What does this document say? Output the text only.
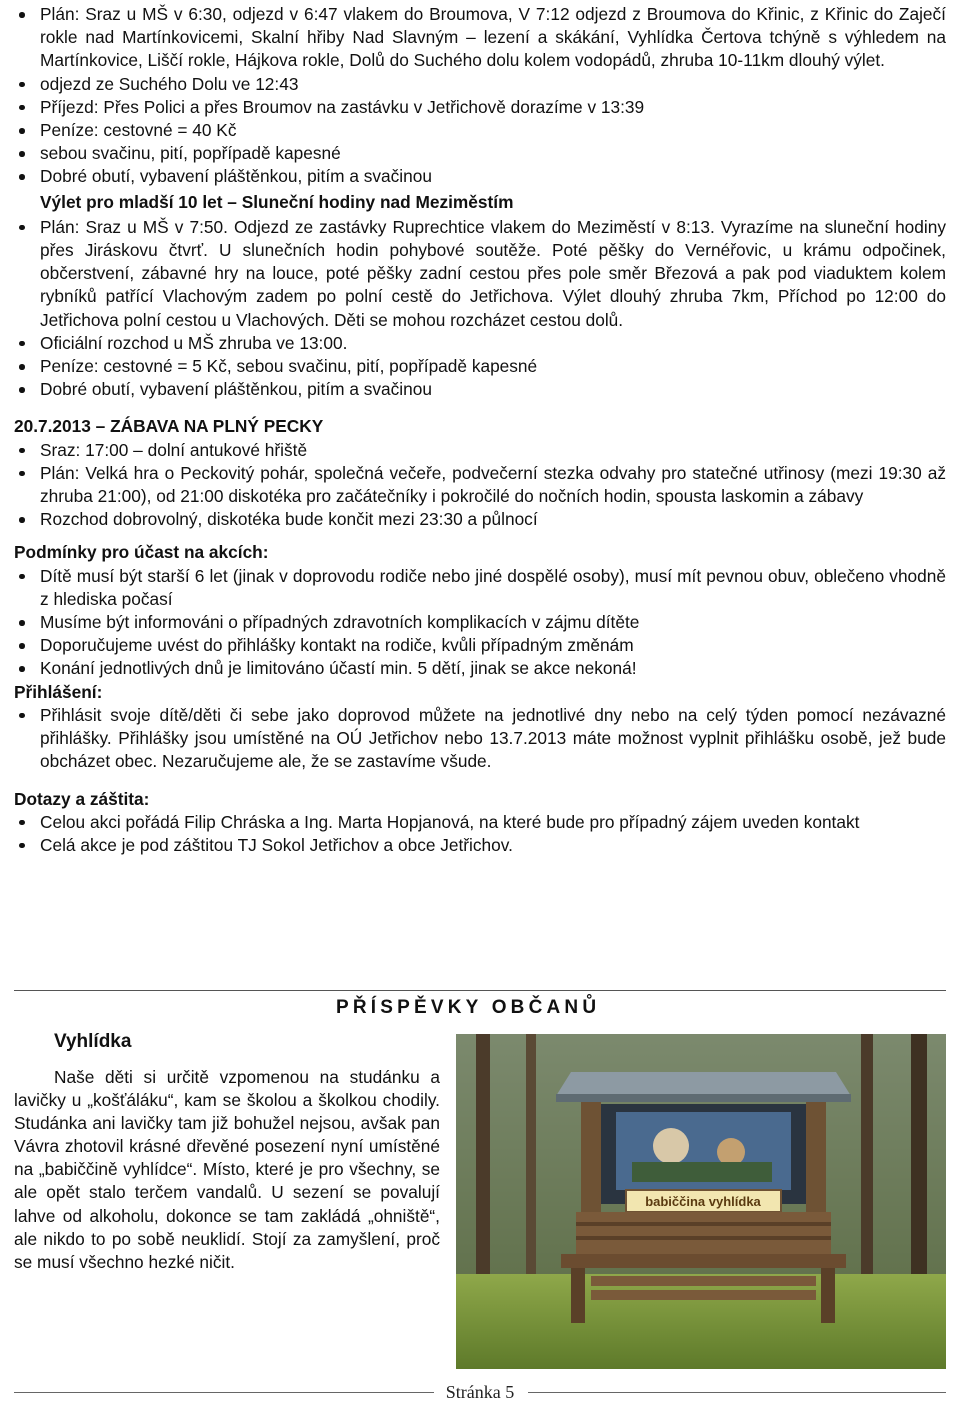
Plán: Sraz u MŠ v 6:30, odjezd v 6:47 vlakem do Broumova, V 7:12 odjezd z Broumova do Křinic, z Křinic do Zaječí rokle nad Martínkovicemi, Skalní hřiby Nad Slavným – lezení a skákání, Vyhlídka Čertova tchýně s výhledem na Martínkovice, Liščí rokle, Hájkova rokle, Dolů do Suchého dolu kolem vodopádů, zhruba 10-11km dlouhý výlet.
odjezd ze Suchého Dolu ve 12:43
Příjezd: Přes Polici a přes Broumov na zastávku v Jetřichově dorazíme v 13:39
Peníze: cestovné = 40 Kč
sebou svačinu, pití, popřípadě kapesné
Dobré obutí, vybavení pláštěnkou, pitím a svačinou
Výlet pro mladší 10 let – Sluneční hodiny nad Meziměstím
Plán: Sraz u MŠ v 7:50. Odjezd ze zastávky Ruprechtice vlakem do Meziměstí v 8:13. Vyrazíme na sluneční hodiny přes Jiráskovu čtvrť. U slunečních hodin pohybové soutěže. Poté pěšky do Vernéřovic, u krámu odpočinek, občerstvení, zábavné hry na louce, poté pěšky zadní cestou přes pole směr Březová a pak pod viaduktem kolem rybníků patřící Vlachovým zadem po polní cestě do Jetřichova. Výlet dlouhý zhruba 7km, Příchod po 12:00 do Jetřichova polní cestou u Vlachových. Děti se mohou rozcházet cestou dolů.
Oficiální rozchod u MŠ zhruba ve 13:00.
Peníze: cestovné = 5 Kč, sebou svačinu, pití, popřípadě kapesné
Dobré obutí, vybavení pláštěnkou, pitím a svačinou
20.7.2013 – ZÁBAVA NA PLNÝ PECKY
Sraz: 17:00 – dolní antukové hřiště
Plán: Velká hra o Peckovitý pohár, společná večeře, podvečerní stezka odvahy pro statečné utřinosy (mezi 19:30 až zhruba 21:00), od 21:00 diskotéka pro začátečníky i pokročilé do nočních hodin, spousta laskomin a zábavy
Rozchod dobrovolný, diskotéka bude končit mezi 23:30 a půlnocí
Podmínky pro účast na akcích:
Dítě musí být starší 6 let (jinak v doprovodu rodiče nebo jiné dospělé osoby), musí mít pevnou obuv, oblečeno vhodně z hlediska počasí
Musíme být informováni o případných zdravotních komplikacích v zájmu dítěte
Doporučujeme uvést do přihlášky kontakt na rodiče, kvůli případným změnám
Konání jednotlivých dnů je limitováno účastí min. 5 dětí, jinak se akce nekoná!
Přihlášení:
Přihlásit svoje dítě/děti či sebe jako doprovod můžete na jednotlivé dny nebo na celý týden pomocí nezávazné přihlášky. Přihlášky jsou umístěné na OÚ Jetřichov nebo 13.7.2013 máte možnost vyplnit přihlášku osobě, jež bude obcházet obec. Nezaručujeme ale, že se zastavíme všude.
Dotazy a záštita:
Celou akci pořádá Filip Chráska a Ing. Marta Hopjanová, na které bude pro případný zájem uveden kontakt
Celá akce je pod záštitou TJ Sokol Jetřichov a obce Jetřichov.
PŘÍSPĚVKY OBČANŮ
Vyhlídka
Naše děti si určitě vzpomenou na studánku a lavičky u „košťáláku“, kam se školou a školkou chodily. Studánka ani lavičky tam již bohužel nejsou, avšak pan Vávra zhotovil krásné dřevěné posezení nyní umístěné na „babiččině vyhlídce“. Místo, které je pro všechny, se ale opět stalo terčem vandalů. U sezení se povalují lahve od alkoholu, dokonce se tam zakládá „ohniště“, ale nikdo to po sobě neuklidí. Stojí za zamyšlení, proč se musí všechno hezké ničit.
babiččina vyhlídka
Stránka 5
